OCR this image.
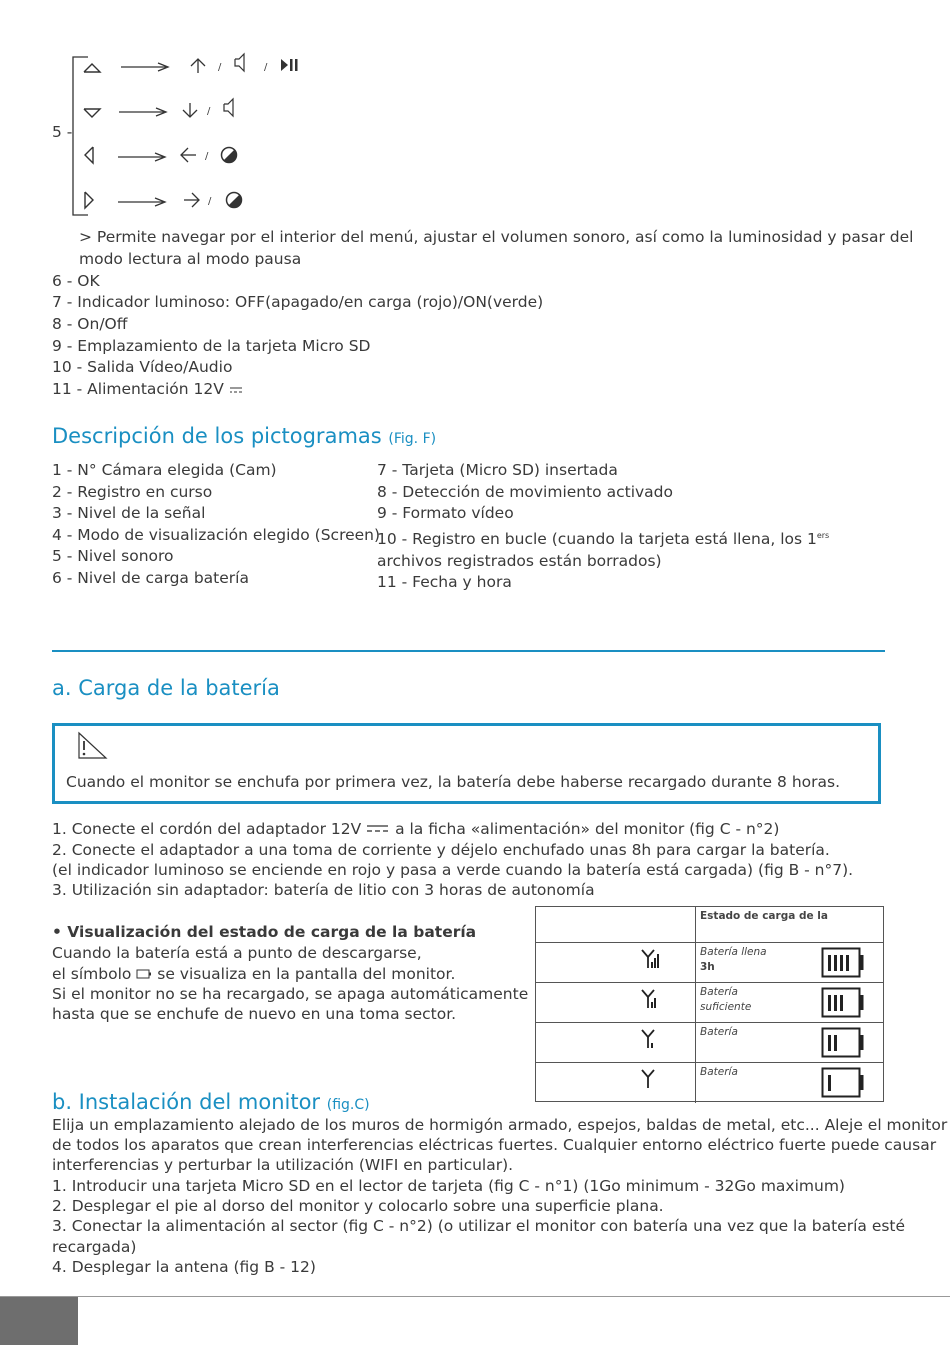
5 -
/	/
/
/
/
> Permite navegar por el interior del menú, ajustar el volumen sonoro, así como la luminosidad y pasar del
modo lectura al modo pausa
6 - OK
7 - Indicador luminoso: OFF(apagado/en carga (rojo)/ON(verde)
8 - On/Off
9 - Emplazamiento de la tarjeta Micro SD
10 - Salida Vídeo/Audio
11 - Alimentación 12V
Descripción de los pictogramas (Fig. F)
1 - N° Cámara elegida (Cam)
2 - Registro en curso
3 - Nivel de la señal
4 - Modo de visualización elegido (Screen)
5 - Nivel sonoro
6 - Nivel de carga batería
7 - Tarjeta (Micro SD) insertada
8 - Detección de movimiento activado
9 - Formato vídeo
10 - Registro en bucle (cuando la tarjeta está llena, los 1ers
archivos registrados están borrados)
11 - Fecha y hora
a. Carga de la batería
Cuando el monitor se enchufa por primera vez, la batería debe haberse recargado durante 8 horas.
1. Conecte el cordón del adaptador 12V a la ficha «alimentación» del monitor (fig C - n°2)
2. Conecte el adaptador a una toma de corriente y déjelo enchufado unas 8h para cargar la batería.
(el indicador luminoso se enciende en rojo y pasa a verde cuando la batería está cargada) (fig B - n°7).
3. Utilización sin adaptador: batería de litio con 3 horas de autonomía
• Visualización del estado de carga de la batería
Cuando la batería está a punto de descargarse,
el símbolo se visualiza en la pantalla del monitor.
Si el monitor no se ha recargado, se apaga automáticamente
hasta que se enchufe de nuevo en una toma sector.
Estado de carga de la
Batería llena
3h
Batería
suficiente
Batería
Batería
b. Instalación del monitor (fig.C)
Elija un emplazamiento alejado de los muros de hormigón armado, espejos, baldas de metal, etc... Aleje el monitor
de todos los aparatos que crean interferencias eléctricas fuertes. Cualquier entorno eléctrico fuerte puede causar
interferencias y perturbar la utilización (WIFI en particular).
1. Introducir una tarjeta Micro SD en el lector de tarjeta (fig C - n°1) (1Go minimum - 32Go maximum)
2. Desplegar el pie al dorso del monitor y colocarlo sobre una superficie plana.
3. Conectar la alimentación al sector (fig C - n°2) (o utilizar el monitor con batería una vez que la batería esté
recargada)
4. Desplegar la antena (fig B - 12)
